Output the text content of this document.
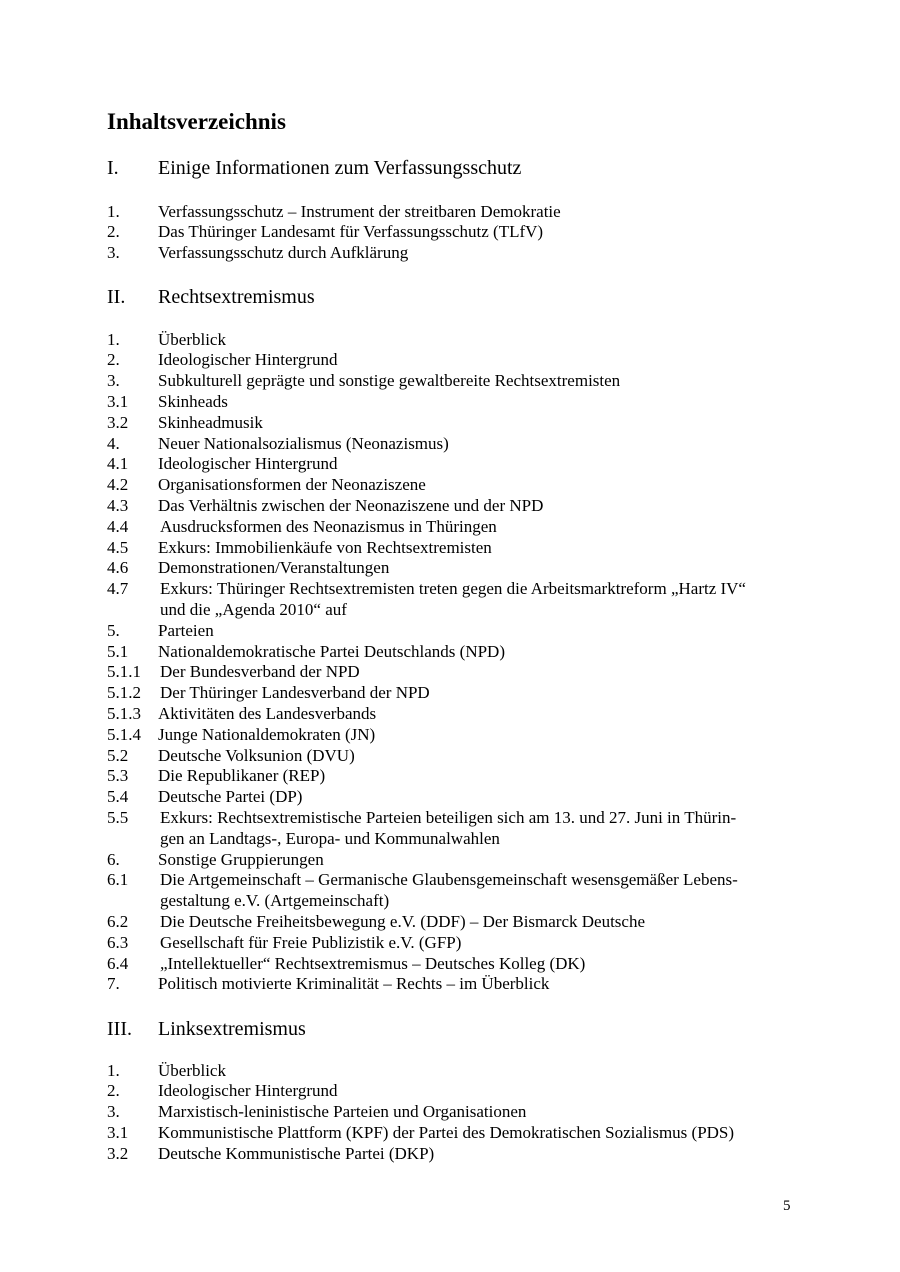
Inhaltsverzeichnis
I. Einige Informationen zum Verfassungsschutz
1. Verfassungsschutz – Instrument der streitbaren Demokratie
2. Das Thüringer Landesamt für Verfassungsschutz (TLfV)
3. Verfassungsschutz durch Aufklärung
II. Rechtsextremismus
1. Überblick
2. Ideologischer Hintergrund
3. Subkulturell geprägte und sonstige gewaltbereite Rechtsextremisten
3.1 Skinheads
3.2 Skinheadmusik
4. Neuer Nationalsozialismus (Neonazismus)
4.1 Ideologischer Hintergrund
4.2 Organisationsformen der Neonaziszene
4.3 Das Verhältnis zwischen der Neonaziszene und der NPD
4.4 Ausdrucksformen des Neonazismus in Thüringen
4.5 Exkurs: Immobilienkäufe von Rechtsextremisten
4.6 Demonstrationen/Veranstaltungen
4.7 Exkurs: Thüringer Rechtsextremisten treten gegen die Arbeitsmarktreform „Hartz IV“
und die „Agenda 2010“ auf
5. Parteien
5.1 Nationaldemokratische Partei Deutschlands (NPD)
5.1.1 Der Bundesverband der NPD
5.1.2 Der Thüringer Landesverband der NPD
5.1.3 Aktivitäten des Landesverbands
5.1.4 Junge Nationaldemokraten (JN)
5.2 Deutsche Volksunion (DVU)
5.3 Die Republikaner (REP)
5.4 Deutsche Partei (DP)
5.5 Exkurs: Rechtsextremistische Parteien beteiligen sich am 13. und 27. Juni in Thürin-
gen an Landtags-, Europa- und Kommunalwahlen
6. Sonstige Gruppierungen
6.1 Die Artgemeinschaft – Germanische Glaubensgemeinschaft wesensgemäßer Lebens-
gestaltung e.V. (Artgemeinschaft)
6.2 Die Deutsche Freiheitsbewegung e.V. (DDF) – Der Bismarck Deutsche
6.3 Gesellschaft für Freie Publizistik e.V. (GFP)
6.4 „Intellektueller“ Rechtsextremismus – Deutsches Kolleg (DK)
7. Politisch motivierte Kriminalität – Rechts – im Überblick
III. Linksextremismus
1. Überblick
2. Ideologischer Hintergrund
3. Marxistisch-leninistische Parteien und Organisationen
3.1 Kommunistische Plattform (KPF) der Partei des Demokratischen Sozialismus (PDS)
3.2 Deutsche Kommunistische Partei (DKP)
5
